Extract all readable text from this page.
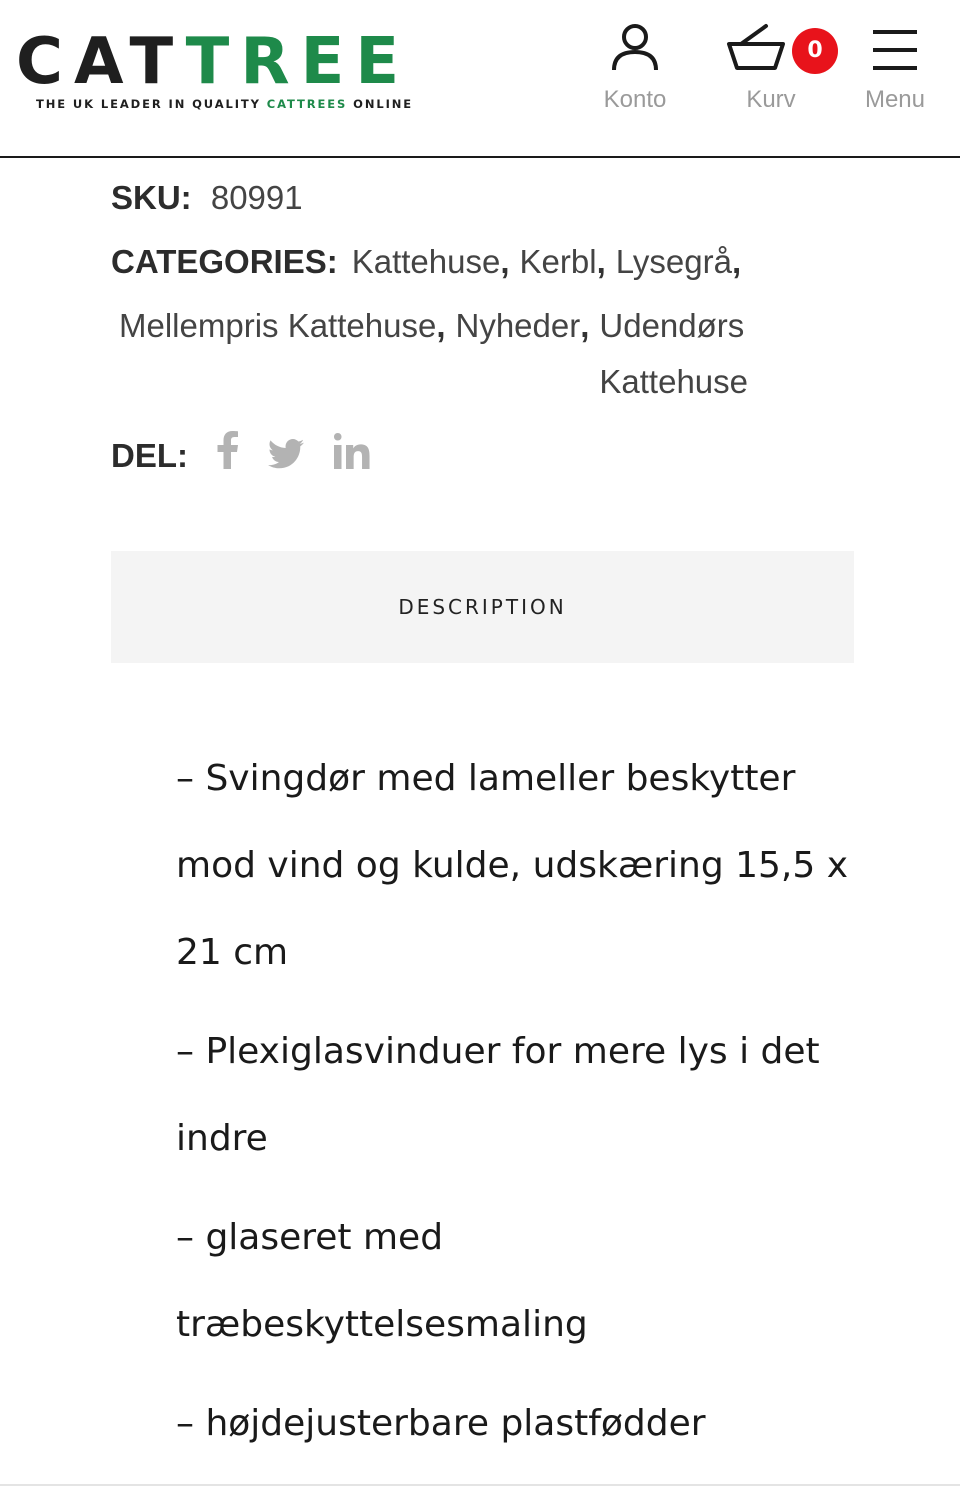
CATTREE
THE UK LEADER IN QUALITY CATTREES ONLINE	Konto
0
Kurv	Menu
SKU: 80991
CATEGORIES: Kattehuse, Kerbl, Lysegrå,
Mellempris Kattehuse, Nyheder, Udendørs Kattehuse
DEL:
DESCRIPTION

– Svingdør med lameller beskytter mod vind og kulde, udskæring 15,5 x 21 cm

– Plexiglasvinduer for mere lys i det indre

– glaseret med træbeskyttelsesmaling

– højdejusterbare plastfødder
